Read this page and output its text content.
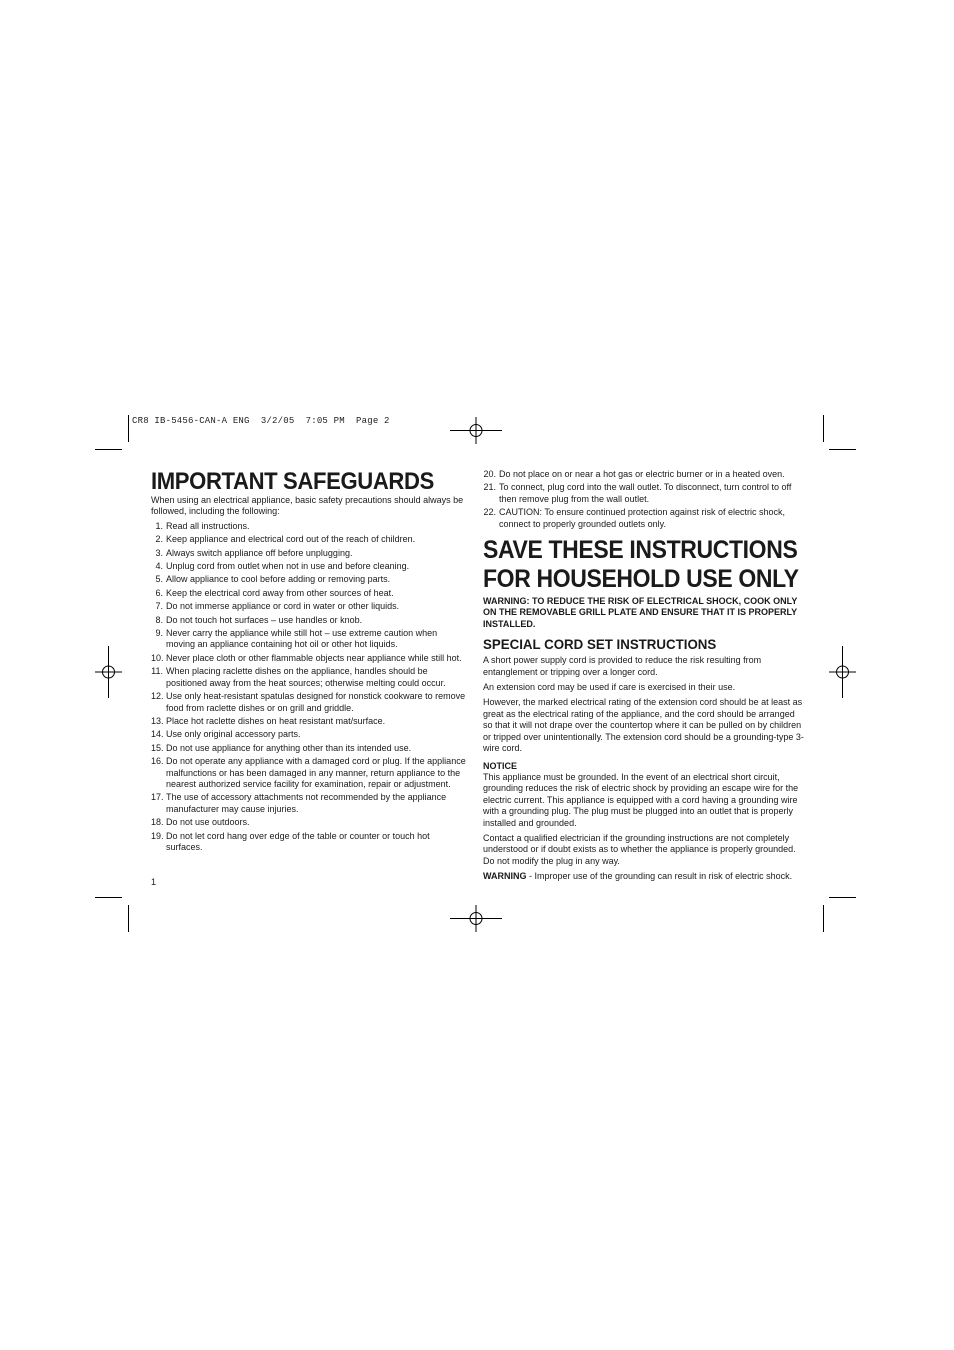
CR8 IB-5456-CAN-A ENG  3/2/05  7:05 PM  Page 2
IMPORTANT SAFEGUARDS

When using an electrical appliance, basic safety precautions should always be followed, including the following:

1. Read all instructions.
2. Keep appliance and electrical cord out of the reach of children.
3. Always switch appliance off before unplugging.
4. Unplug cord from outlet when not in use and before cleaning.
5. Allow appliance to cool before adding or removing parts.
6. Keep the electrical cord away from other sources of heat.
7. Do not immerse appliance or cord in water or other liquids.
8. Do not touch hot surfaces – use handles or knob.
9. Never carry the appliance while still hot – use extreme caution when moving an appliance containing hot oil or other hot liquids.
10. Never place cloth or other flammable objects near appliance while still hot.
11. When placing raclette dishes on the appliance, handles should be positioned away from the heat sources; otherwise melting could occur.
12. Use only heat-resistant spatulas designed for nonstick cookware to remove food from raclette dishes or on grill and griddle.
13. Place hot raclette dishes on heat resistant mat/surface.
14. Use only original accessory parts.
15. Do not use appliance for anything other than its intended use.
16. Do not operate any appliance with a damaged cord or plug. If the appliance malfunctions or has been damaged in any manner, return appliance to the nearest authorized service facility for examination, repair or adjustment.
17. The use of accessory attachments not recommended by the appliance manufacturer may cause injuries.
18. Do not use outdoors.
19. Do not let cord hang over edge of the table or counter or touch hot surfaces.
1
20. Do not place on or near a hot gas or electric burner or in a heated oven.
21. To connect, plug cord into the wall outlet. To disconnect, turn control to off then remove plug from the wall outlet.
22. CAUTION: To ensure continued protection against risk of electric shock, connect to properly grounded outlets only.
SAVE THESE INSTRUCTIONS
FOR HOUSEHOLD USE ONLY

WARNING: TO REDUCE THE RISK OF ELECTRICAL SHOCK, COOK ONLY ON THE REMOVABLE GRILL PLATE AND ENSURE THAT IT IS PROPERLY INSTALLED.

SPECIAL CORD SET INSTRUCTIONS

A short power supply cord is provided to reduce the risk resulting from entanglement or tripping over a longer cord.

An extension cord may be used if care is exercised in their use.

However, the marked electrical rating of the extension cord should be at least as great as the electrical rating of the appliance, and the cord should be arranged so that it will not drape over the countertop where it can be pulled on by children or tripped over unintentionally. The extension cord should be a grounding-type 3-wire cord.

NOTICE

This appliance must be grounded. In the event of an electrical short circuit, grounding reduces the risk of electric shock by providing an escape wire for the electric current. This appliance is equipped with a cord having a grounding wire with a grounding plug. The plug must be plugged into an outlet that is properly installed and grounded.

Contact a qualified electrician if the grounding instructions are not completely understood or if doubt exists as to whether the appliance is properly grounded. Do not modify the plug in any way.

WARNING - Improper use of the grounding can result in risk of electric shock.
